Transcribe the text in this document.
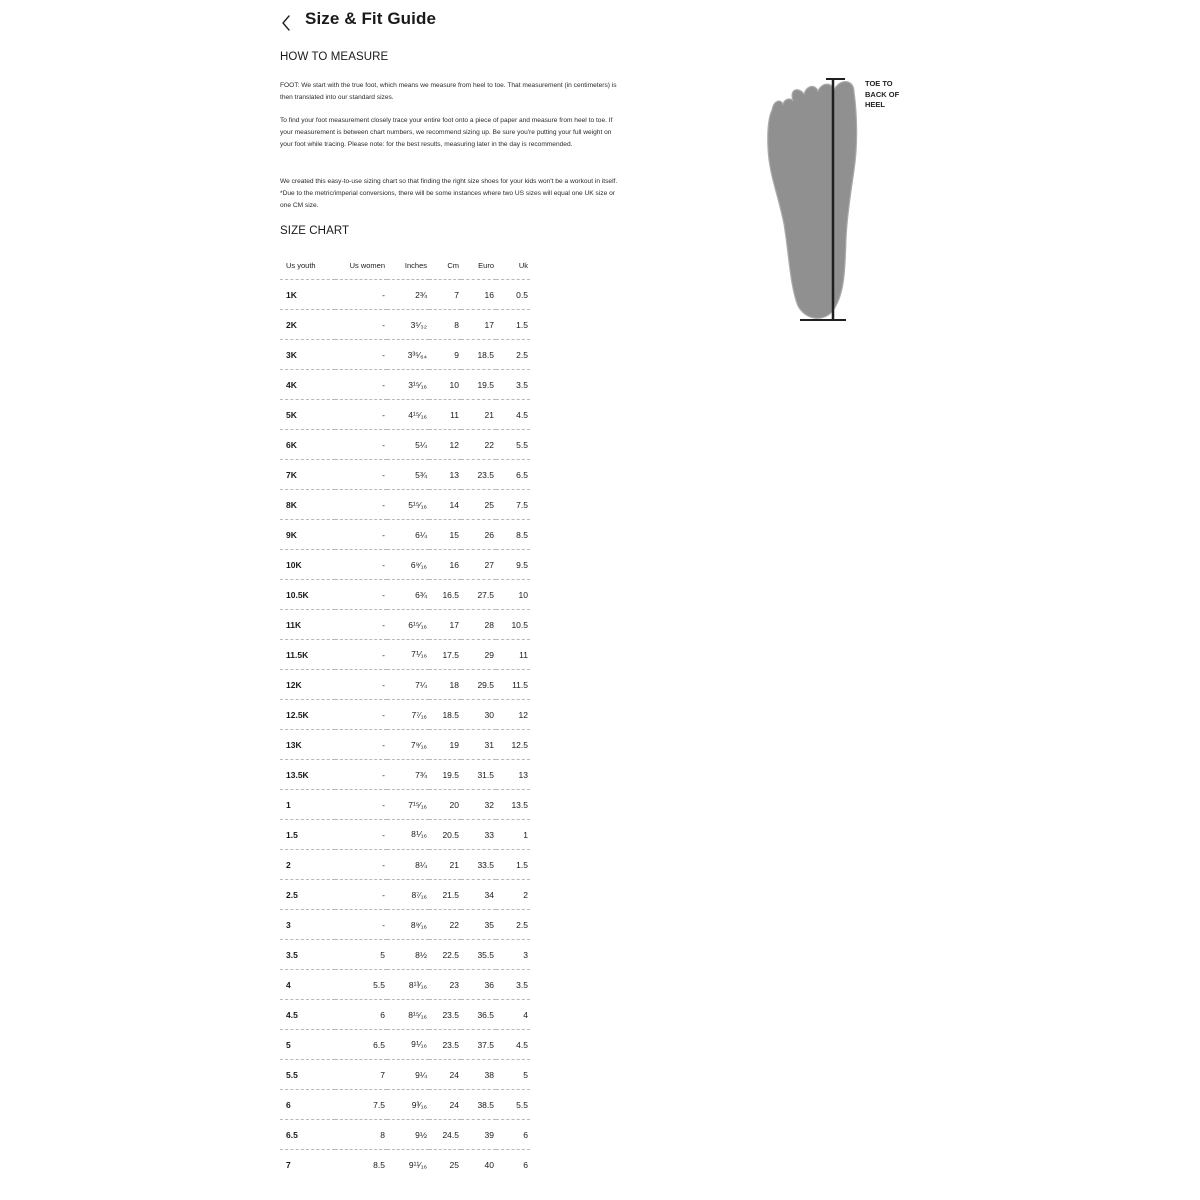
Size & Fit Guide
HOW TO MEASURE

FOOT: We start with the true foot, which means we measure from heel to toe. That measurement (in centimeters) is then translated into our standard sizes.

To find your foot measurement closely trace your entire foot onto a piece of paper and measure from heel to toe. If your measurement is between chart numbers, we recommend sizing up. Be sure you're putting your full weight on your foot while tracing. Please note: for the best results, measuring later in the day is recommended.

We created this easy-to-use sizing chart so that finding the right size shoes for your kids won't be a workout in itself. *Due to the metric/imperial conversions, there will be some instances where two US sizes will equal one UK size or one CM size.

SIZE CHART
Us youth	Us women	Inches	Cm	Euro	Uk
1K	-	2¾	7	16	0.5
2K	-	3⁵⁄₃₂	8	17	1.5
3K	-	3³⁵⁄₆₄	9	18.5	2.5
4K	-	3¹⁵⁄₁₆	10	19.5	3.5
5K	-	4¹⁵⁄₁₆	11	21	4.5
6K	-	5¼	12	22	5.5
7K	-	5¾	13	23.5	6.5
8K	-	5¹⁵⁄₁₆	14	25	7.5
9K	-	6¼	15	26	8.5
10K	-	6⁹⁄₁₆	16	27	9.5
10.5K	-	6¾	16.5	27.5	10
11K	-	6¹⁵⁄₁₆	17	28	10.5
11.5K	-	7⅟₁₆	17.5	29	11
12K	-	7¼	18	29.5	11.5
12.5K	-	7⁷⁄₁₆	18.5	30	12
13K	-	7⁹⁄₁₆	19	31	12.5
13.5K	-	7¾	19.5	31.5	13
1	-	7¹⁵⁄₁₆	20	32	13.5
1.5	-	8⅟₁₆	20.5	33	1
2	-	8¼	21	33.5	1.5
2.5	-	8⁷⁄₁₆	21.5	34	2
3	-	8⁹⁄₁₆	22	35	2.5
3.5	5	8½	22.5	35.5	3
4	5.5	8¹³⁄₁₆	23	36	3.5
4.5	6	8¹⁵⁄₁₆	23.5	36.5	4
5	6.5	9⅟₁₆	23.5	37.5	4.5
5.5	7	9¼	24	38	5
6	7.5	9³⁄₁₆	24	38.5	5.5
6.5	8	9½	24.5	39	6
7	8.5	9¹¹⁄₁₆	25	40	6
TOE TO BACK OF HEEL
